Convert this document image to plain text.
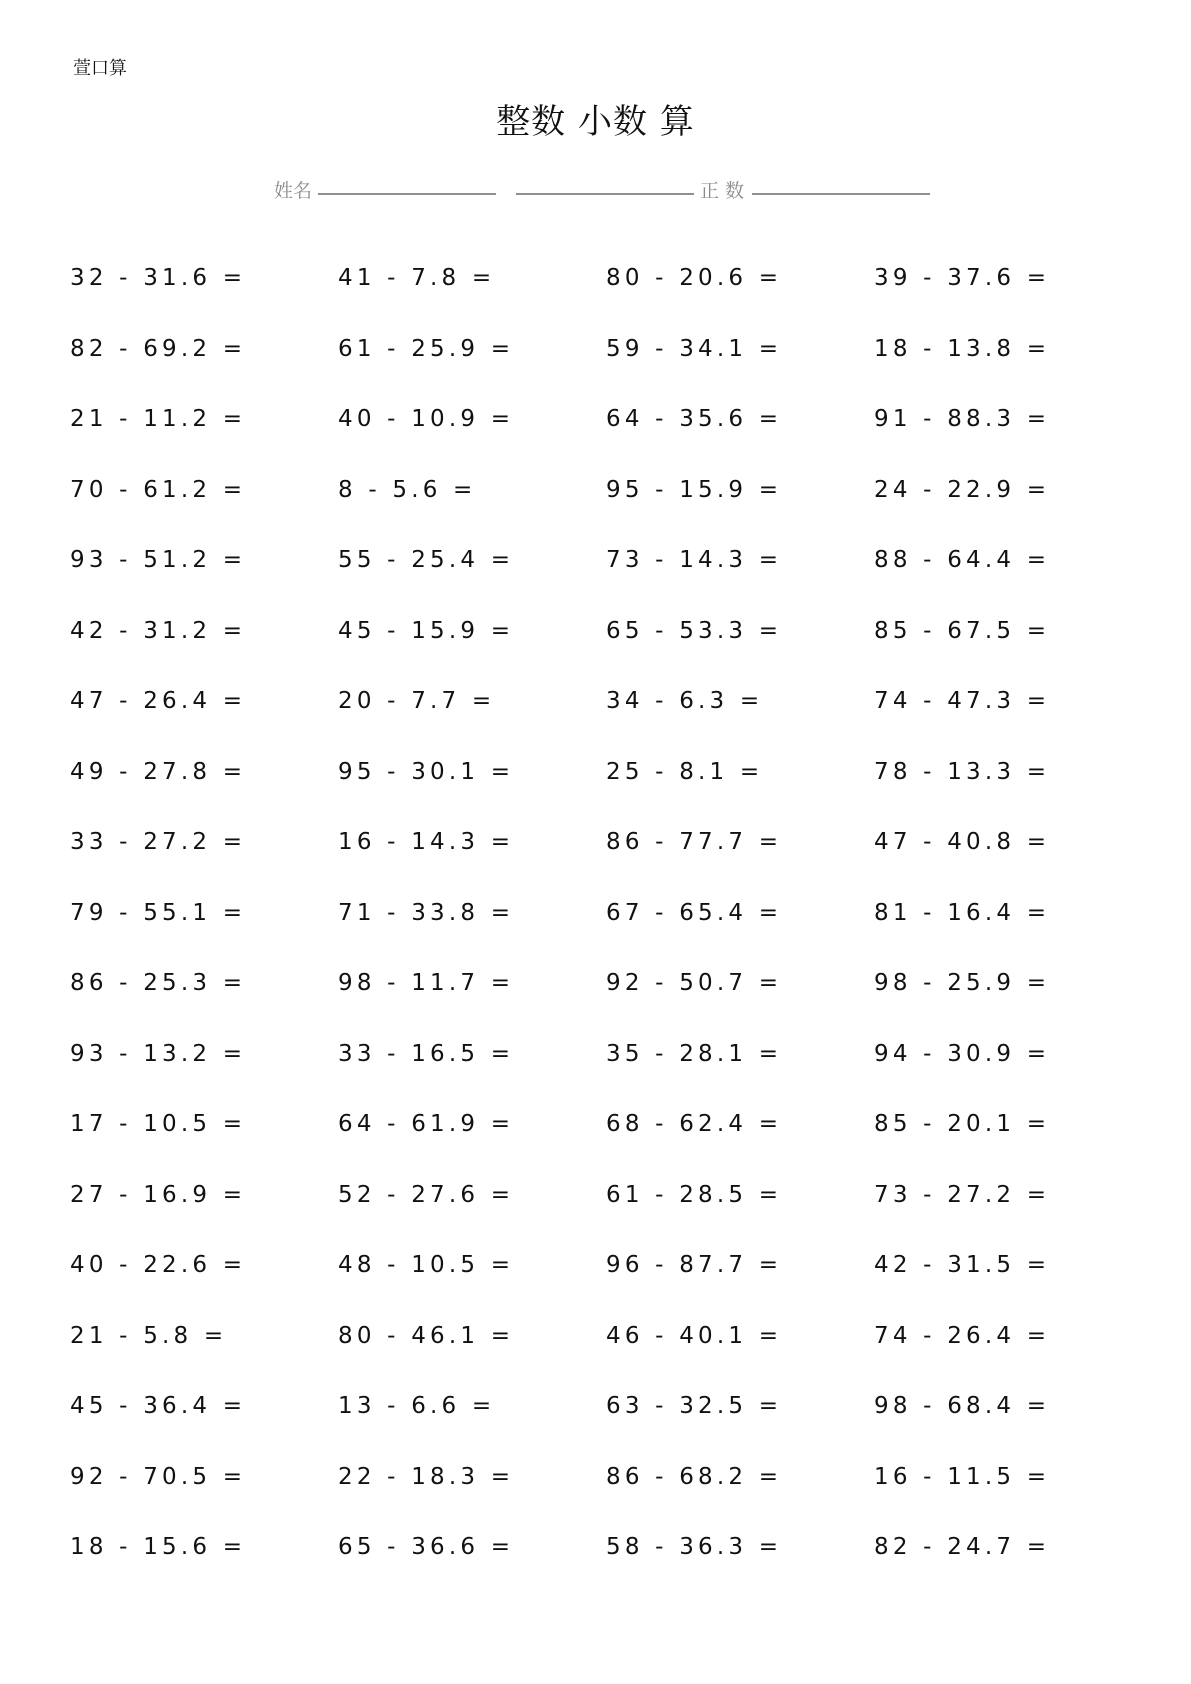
萱口算
整数 小数 算
姓名	正 数
32 - 31.6 =	41 - 7.8 =	80 - 20.6 =	39 - 37.6 =
82 - 69.2 =	61 - 25.9 =	59 - 34.1 =	18 - 13.8 =
21 - 11.2 =	40 - 10.9 =	64 - 35.6 =	91 - 88.3 =
70 - 61.2 =	8 - 5.6 =	95 - 15.9 =	24 - 22.9 =
93 - 51.2 =	55 - 25.4 =	73 - 14.3 =	88 - 64.4 =
42 - 31.2 =	45 - 15.9 =	65 - 53.3 =	85 - 67.5 =
47 - 26.4 =	20 - 7.7 =	34 - 6.3 =	74 - 47.3 =
49 - 27.8 =	95 - 30.1 =	25 - 8.1 =	78 - 13.3 =
33 - 27.2 =	16 - 14.3 =	86 - 77.7 =	47 - 40.8 =
79 - 55.1 =	71 - 33.8 =	67 - 65.4 =	81 - 16.4 =
86 - 25.3 =	98 - 11.7 =	92 - 50.7 =	98 - 25.9 =
93 - 13.2 =	33 - 16.5 =	35 - 28.1 =	94 - 30.9 =
17 - 10.5 =	64 - 61.9 =	68 - 62.4 =	85 - 20.1 =
27 - 16.9 =	52 - 27.6 =	61 - 28.5 =	73 - 27.2 =
40 - 22.6 =	48 - 10.5 =	96 - 87.7 =	42 - 31.5 =
21 - 5.8 =	80 - 46.1 =	46 - 40.1 =	74 - 26.4 =
45 - 36.4 =	13 - 6.6 =	63 - 32.5 =	98 - 68.4 =
92 - 70.5 =	22 - 18.3 =	86 - 68.2 =	16 - 11.5 =
18 - 15.6 =	65 - 36.6 =	58 - 36.3 =	82 - 24.7 =
